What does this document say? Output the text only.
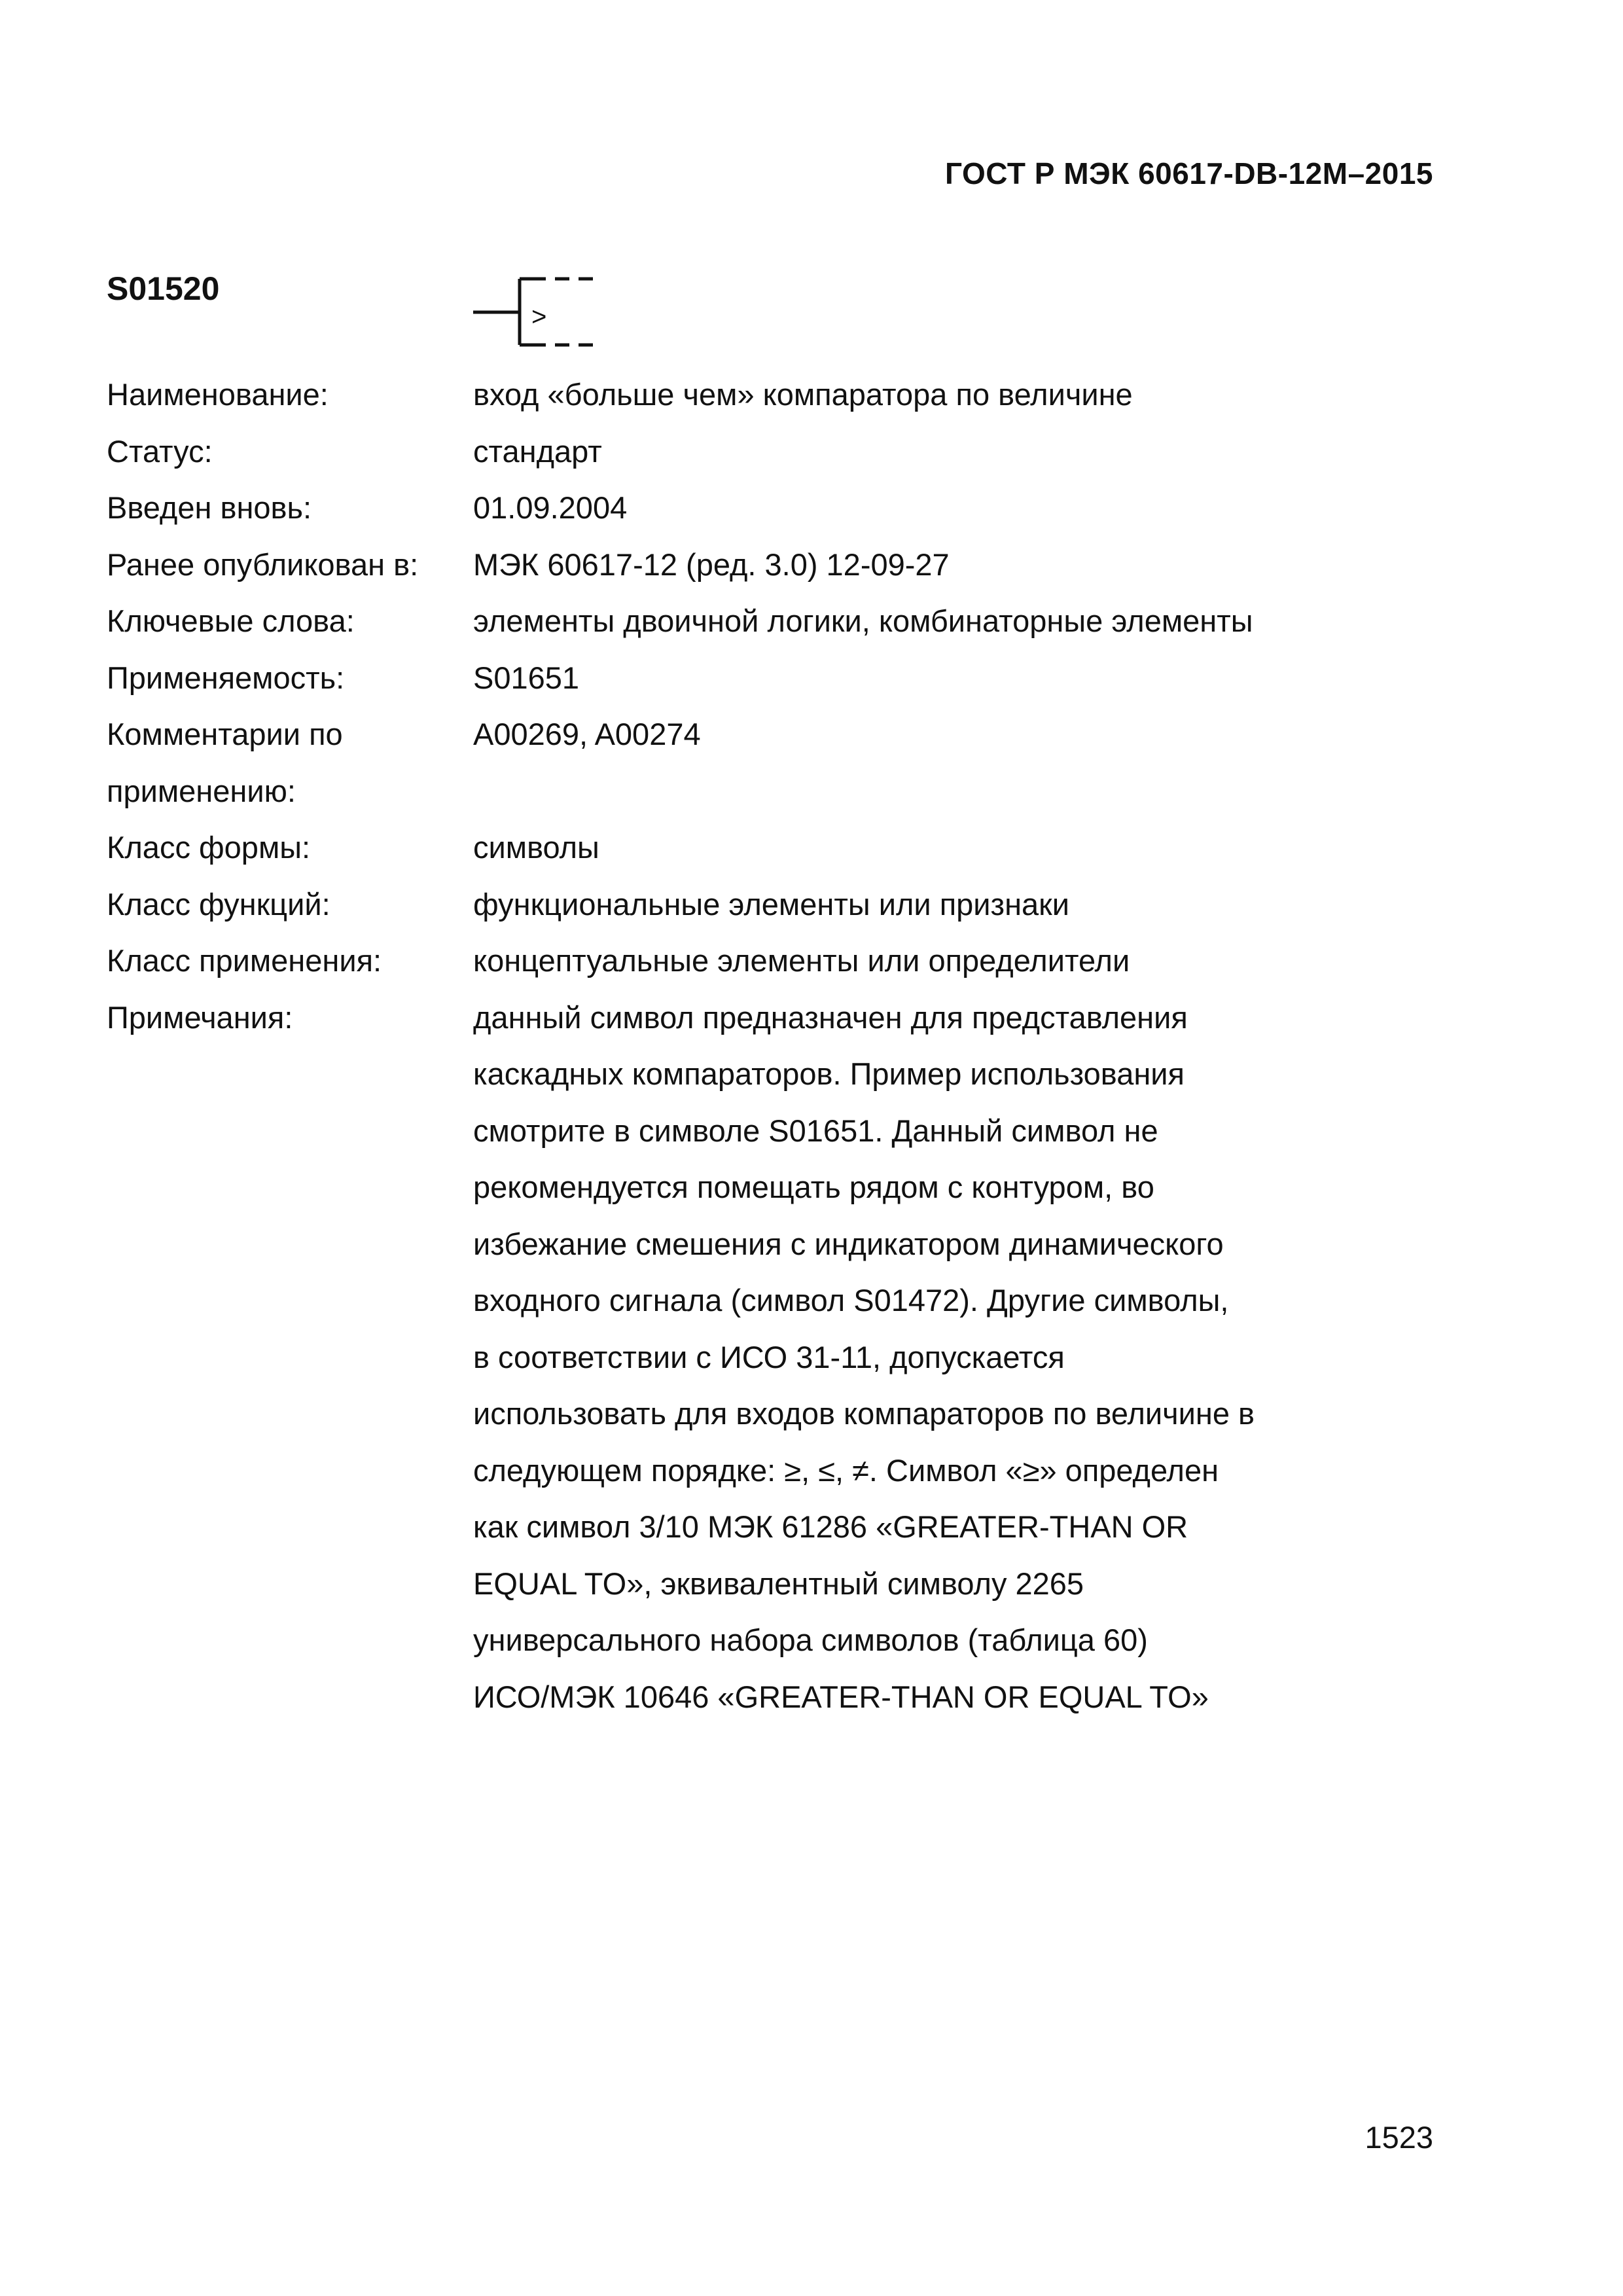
ГОСТ Р МЭК 60617-DB-12M–2015
S01520
>
Наименование:	вход «больше чем» компаратора по величине
Статус:	стандарт
Введен вновь:	01.09.2004
Ранее опубликован в:	МЭК 60617-12 (ред. 3.0) 12-09-27
Ключевые слова:	элементы двоичной логики, комбинаторные элементы
Применяемость:	S01651
Комментарии по
применению:
A00269, A00274
Класс формы:	символы
Класс функций:	функциональные элементы или признаки
Класс применения:	концептуальные элементы или определители
Примечания:	данный символ предназначен для представления
каскадных компараторов. Пример использования
смотрите в символе S01651. Данный символ не
рекомендуется помещать рядом с контуром, во
избежание смешения с индикатором динамического
входного сигнала (символ S01472). Другие символы,
в соответствии с ИСО 31-11, допускается
использовать для входов компараторов по величине в
следующем порядке: ≥, ≤, ≠. Символ «≥» определен
как символ 3/10 МЭК 61286 «GREATER-THAN OR
EQUAL TO», эквивалентный символу 2265
универсального набора символов (таблица 60)
ИСО/МЭК 10646 «GREATER-THAN OR EQUAL TO»
1523
